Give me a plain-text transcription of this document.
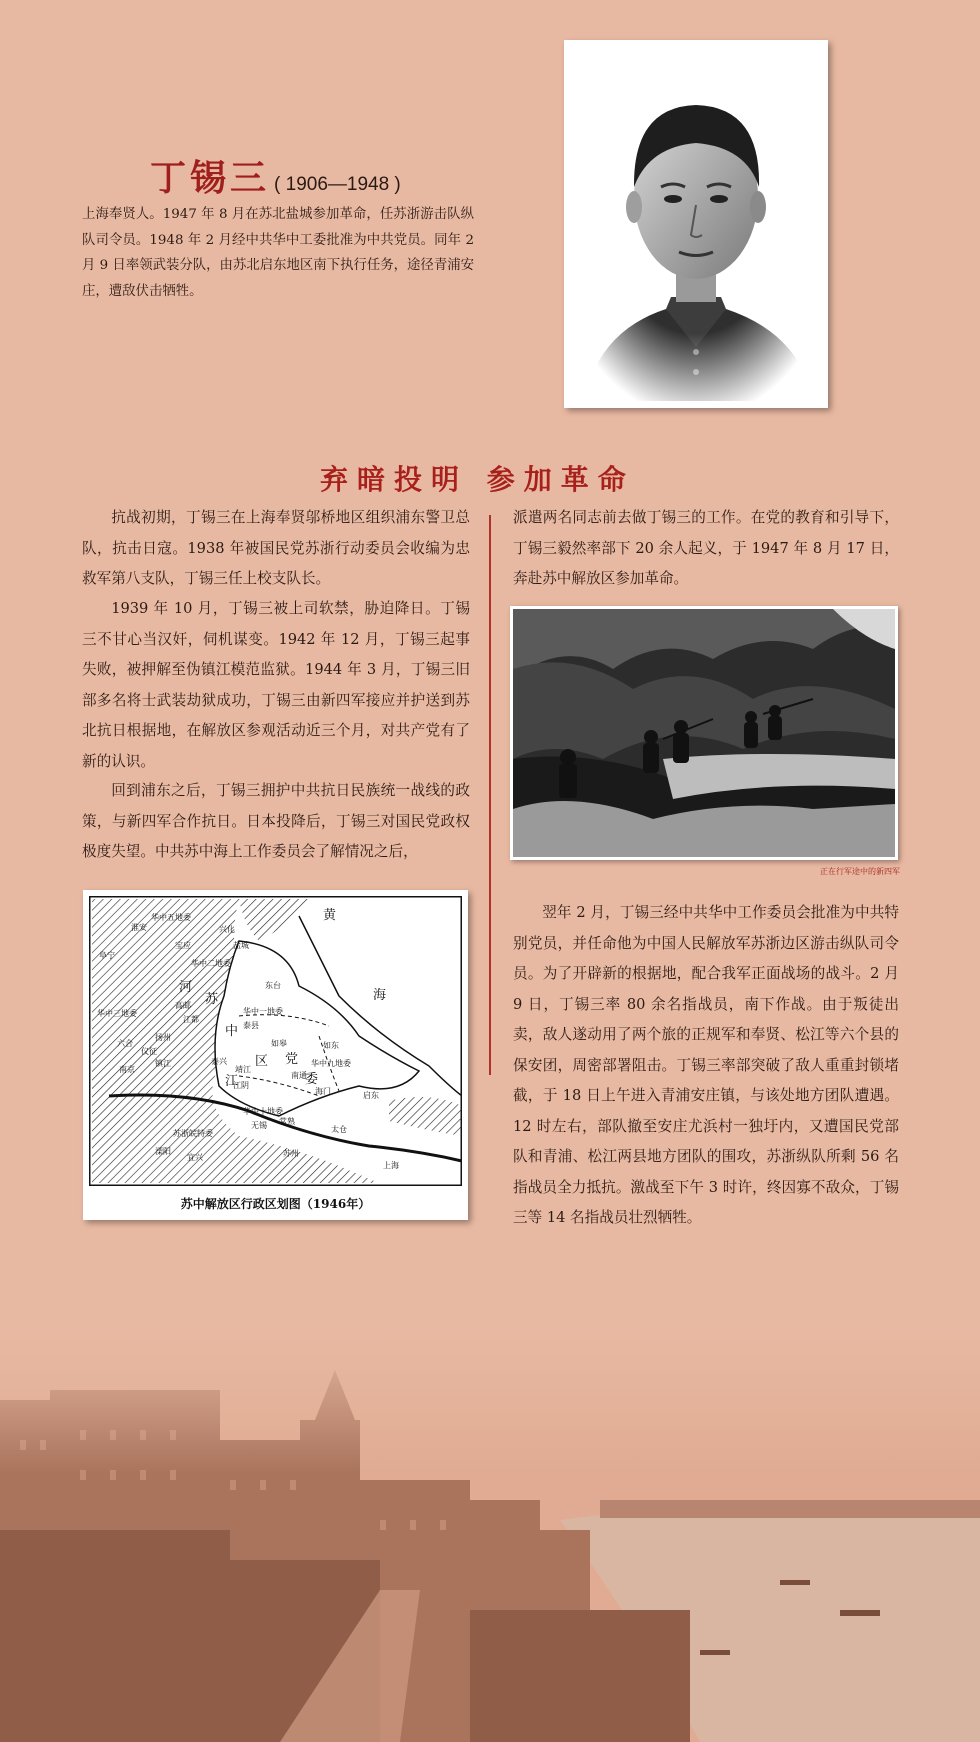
丁锡三 ( 1906—1948 )
上海奉贤人。1947 年 8 月在苏北盐城参加革命，任苏浙游击队纵队司令员。1948 年 2 月经中共华中工委批准为中共党员。同年 2 月 9 日率领武装分队，由苏北启东地区南下执行任务，途径青浦安庄，遭敌伏击牺牲。
弃暗投明 参加革命
抗战初期，丁锡三在上海奉贤邬桥地区组织浦东警卫总队，抗击日寇。1938 年被国民党苏浙行动委员会收编为忠救军第八支队，丁锡三任上校支队长。
1939 年 10 月，丁锡三被上司软禁，胁迫降日。丁锡三不甘心当汉奸，伺机谋变。1942 年 12 月，丁锡三起事失败，被押解至伪镇江模范监狱。1944 年 3 月，丁锡三旧部多名将士武装劫狱成功，丁锡三由新四军接应并护送到苏北抗日根据地，在解放区参观活动近三个月，对共产党有了新的认识。
回到浦东之后，丁锡三拥护中共抗日民族统一战线的政策，与新四军合作抗日。日本投降后，丁锡三对国民党政权极度失望。中共苏中海上工作委员会了解情况之后，
派遣两名同志前去做丁锡三的工作。在党的教育和引导下，丁锡三毅然率部下 20 余人起义，于 1947 年 8 月 17 日，奔赴苏中解放区参加革命。
正在行军途中的新四军
翌年 2 月，丁锡三经中共华中工作委员会批准为中共特别党员，并任命他为中国人民解放军苏浙边区游击纵队司令员。为了开辟新的根据地，配合我军正面战场的战斗。2 月 9 日，丁锡三率 80 余名指战员，南下作战。由于叛徒出卖，敌人遂动用了两个旅的正规军和奉贤、松江等六个县的保安团，周密部署阻击。丁锡三率部突破了敌人重重封锁堵截，于 18 日上午进入青浦安庄镇，与该处地方团队遭遇。12 时左右，部队撤至安庄尤浜村一独圩内，又遭国民党部队和青浦、松江两县地方团队的围攻，苏浙纵队所剩 56 名指战员全力抵抗。激战至下午 3 时许，终因寡不敌众，丁锡三等 14 名指战员壮烈牺牲。
华中五地委
华中二地委
华中三地委	华中一地委
华中九地委
华中十地委
苏浙皖特委
黄
海
苏
中
区 党
委
江
河
上海
兴化
盐城
宝应
东台
高邮
江都
泰县
如皋	如东
南通
启东
海门
靖江
江阴
泰兴
常熟
太仓
无锡
苏州
南京
镇江
扬州
六合
仪征
溧阳
宜兴
淮安
阜宁
苏中解放区行政区划图（1946年）
